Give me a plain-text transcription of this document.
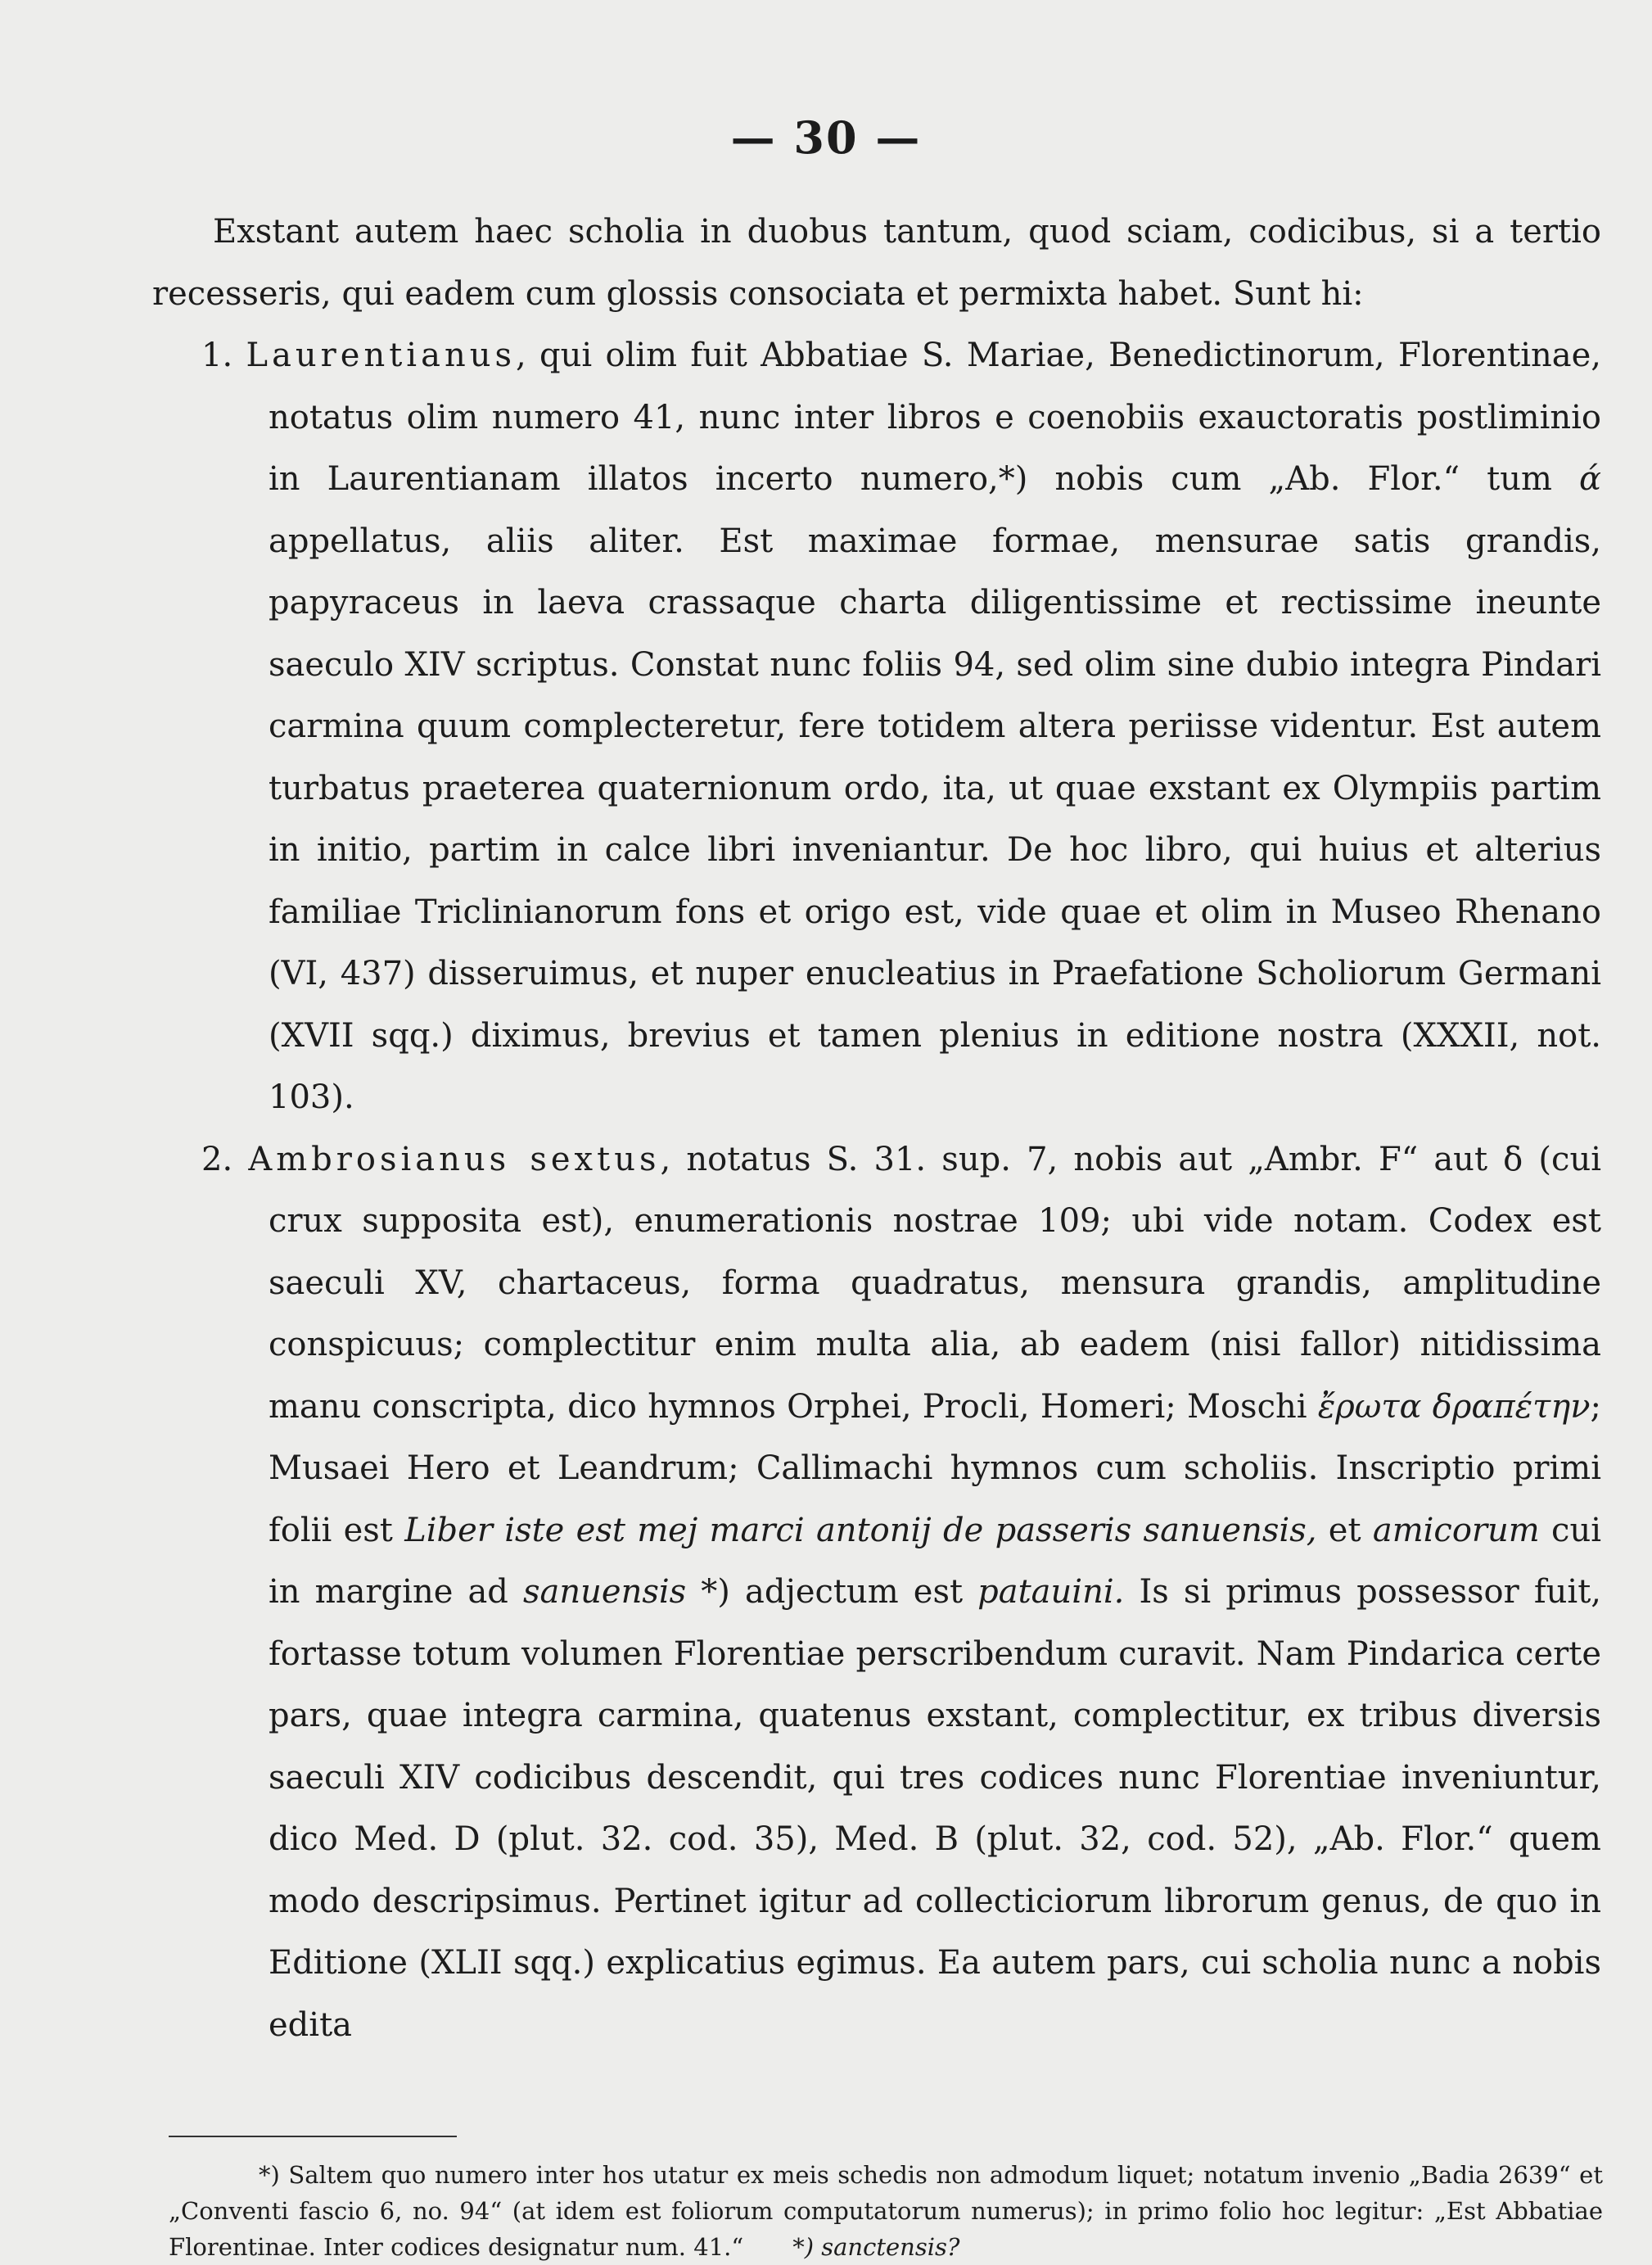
— 30 —

Exstant autem haec scholia in duobus tantum, quod sciam, codicibus, si a tertio recesseris, qui eadem cum glossis consociata et permixta habet. Sunt hi:

1. Laurentianus, qui olim fuit Abbatiae S. Mariae, Benedictinorum, Florentinae, notatus olim numero 41, nunc inter libros e coenobiis exauctoratis postliminio in Laurentianam illatos incerto numero,*) nobis cum „Ab. Flor.“ tum ά appellatus, aliis aliter. Est maximae formae, mensurae satis grandis, papyraceus in laeva crassaque charta diligentissime et rectissime ineunte saeculo XIV scriptus. Constat nunc foliis 94, sed olim sine dubio integra Pindari carmina quum complecteretur, fere totidem altera periisse videntur. Est autem turbatus praeterea quaternionum ordo, ita, ut quae exstant ex Olympiis partim in initio, partim in calce libri inveniantur. De hoc libro, qui huius et alterius familiae Triclinianorum fons et origo est, vide quae et olim in Museo Rhenano (VI, 437) disseruimus, et nuper enucleatius in Praefatione Scholiorum Germani (XVII sqq.) diximus, brevius et tamen plenius in editione nostra (XXXII, not. 103).

2. Ambrosianus sextus, notatus S. 31. sup. 7, nobis aut „Ambr. F“ aut δ (cui crux supposita est), enumerationis nostrae 109; ubi vide notam. Codex est saeculi XV, chartaceus, forma quadratus, mensura grandis, amplitudine conspicuus; complectitur enim multa alia, ab eadem (nisi fallor) nitidissima manu conscripta, dico hymnos Orphei, Procli, Homeri; Moschi ἔρωτα δραπέτην; Musaei Hero et Leandrum; Callimachi hymnos cum scholiis. Inscriptio primi folii est Liber iste est mej marci antonij de passeris sanuensis, et amicorum cui in margine ad sanuensis *) adjectum est patauini. Is si primus possessor fuit, fortasse totum volumen Florentiae perscribendum curavit. Nam Pindarica certe pars, quae integra carmina, quatenus exstant, complectitur, ex tribus diversis saeculi XIV codicibus descendit, qui tres codices nunc Florentiae inveniuntur, dico Med. D (plut. 32. cod. 35), Med. B (plut. 32, cod. 52), „Ab. Flor.“ quem modo descripsimus. Pertinet igitur ad collecticiorum librorum genus, de quo in Editione (XLII sqq.) explicatius egimus. Ea autem pars, cui scholia nunc a nobis edita

*) Saltem quo numero inter hos utatur ex meis schedis non admodum liquet; notatum invenio „Badia 2639“ et „Conventi fascio 6, no. 94“ (at idem est foliorum computatorum numerus); in primo folio hoc legitur: „Est Abbatiae Florentinae. Inter codices designatur num. 41.“ *) sanctensis?
